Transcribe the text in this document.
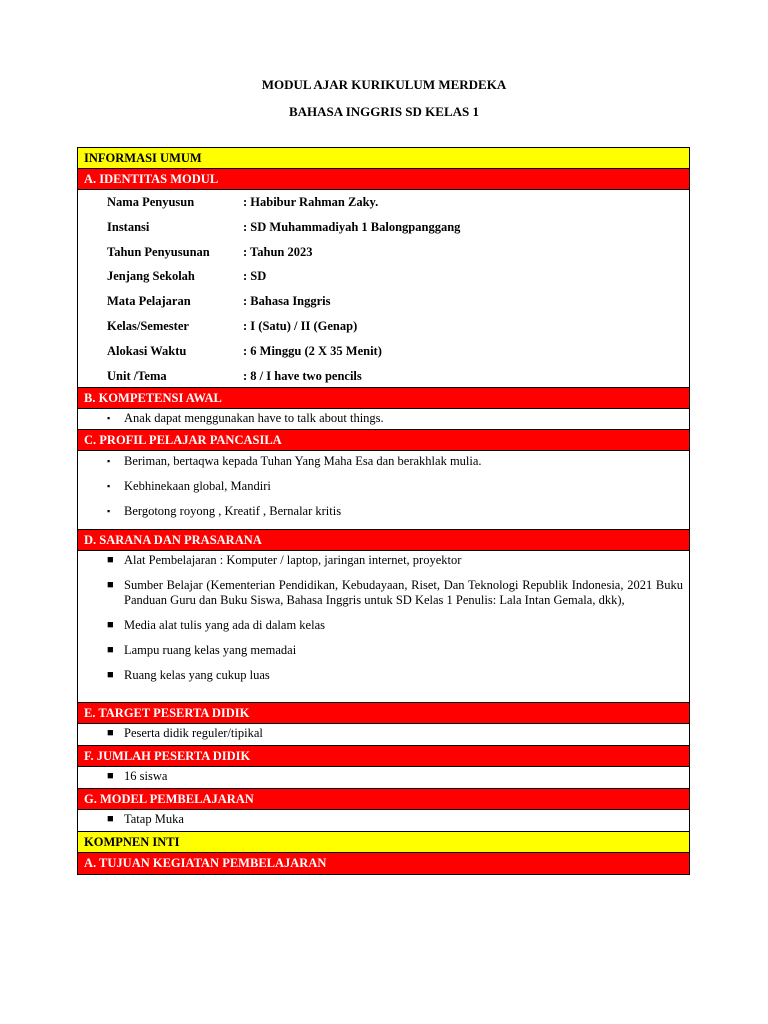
MODUL AJAR KURIKULUM MERDEKA
BAHASA INGGRIS SD KELAS 1
INFORMASI UMUM
A. IDENTITAS MODUL
Nama Penyusun	: Habibur Rahman Zaky.
Instansi	: SD Muhammadiyah 1 Balongpanggang
Tahun Penyusunan	: Tahun 2023
Jenjang Sekolah	: SD
Mata Pelajaran	: Bahasa Inggris
Kelas/Semester	: I (Satu) / II (Genap)
Alokasi Waktu	: 6 Minggu (2 X 35 Menit)
Unit /Tema	: 8 / I have two pencils
B. KOMPETENSI AWAL
▪ Anak dapat menggunakan have to talk about things.
C. PROFIL PELAJAR PANCASILA
▪ Beriman, bertaqwa kepada Tuhan Yang Maha Esa dan berakhlak mulia.
▪ Kebhinekaan global, Mandiri
▪ Bergotong royong , Kreatif , Bernalar kritis
D. SARANA DAN PRASARANA
■ Alat Pembelajaran : Komputer / laptop, jaringan internet, proyektor
■ Sumber Belajar (Kementerian Pendidikan, Kebudayaan, Riset, Dan Teknologi Republik Indonesia, 2021 Buku Panduan Guru dan Buku Siswa, Bahasa Inggris untuk SD Kelas 1 Penulis: Lala Intan Gemala, dkk),
■ Media alat tulis yang ada di dalam kelas
■ Lampu ruang kelas yang memadai
■ Ruang kelas yang cukup luas
E. TARGET PESERTA DIDIK
■ Peserta didik reguler/tipikal
F. JUMLAH PESERTA DIDIK
■ 16 siswa
G. MODEL PEMBELAJARAN
■ Tatap Muka
KOMPNEN INTI
A. TUJUAN KEGIATAN PEMBELAJARAN
